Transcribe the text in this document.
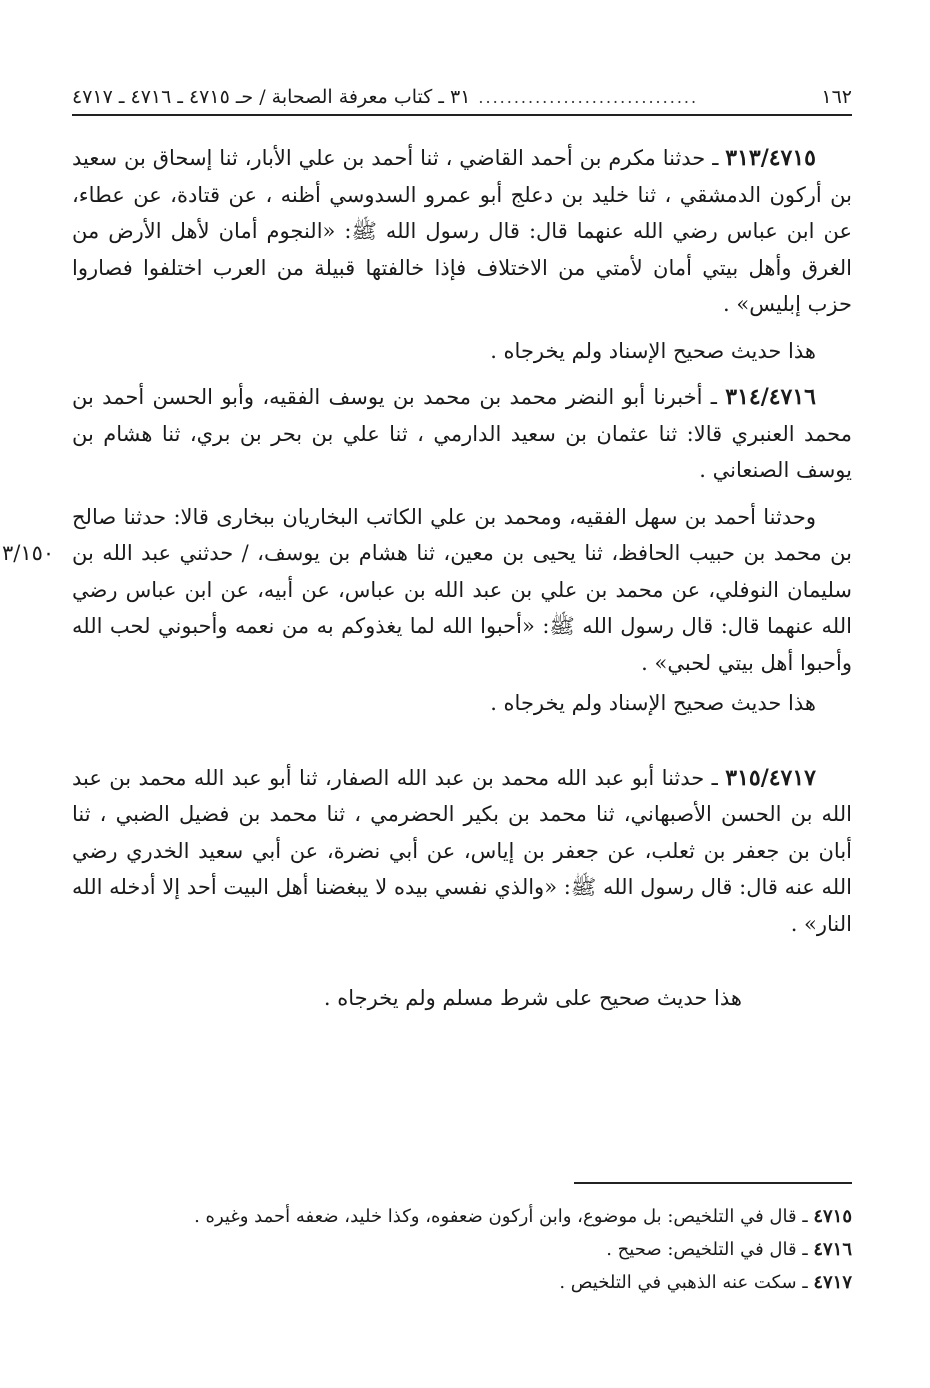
١٦٢
...............................
٣١ ـ كتاب معرفة الصحابة / حـ ٤٧١٥ ـ ٤٧١٦ ـ ٤٧١٧

٣١٣/٤٧١٥ ـ حدثنا مكرم بن أحمد القاضي ، ثنا أحمد بن علي الأبار، ثنا إسحاق بن سعيد بن أركون الدمشقي ، ثنا خليد بن دعلج أبو عمرو السدوسي أظنه ، عن قتادة، عن عطاء، عن ابن عباس رضي الله عنهما قال: قال رسول الله ﷺ: «النجوم أمان لأهل الأرض من الغرق وأهل بيتي أمان لأمتي من الاختلاف فإذا خالفتها قبيلة من العرب اختلفوا فصاروا حزب إبليس» .

هذا حديث صحيح الإسناد ولم يخرجاه .

٣١٤/٤٧١٦ ـ أخبرنا أبو النضر محمد بن محمد بن يوسف الفقيه، وأبو الحسن أحمد بن محمد العنبري قالا: ثنا عثمان بن سعيد الدارمي ، ثنا علي بن بحر بن بري، ثنا هشام بن يوسف الصنعاني .

٣/١٥٠

وحدثنا أحمد بن سهل الفقيه، ومحمد بن علي الكاتب البخاريان ببخارى قالا: حدثنا صالح بن محمد بن حبيب الحافظ، ثنا يحيى بن معين، ثنا هشام بن يوسف، / حدثني عبد الله بن سليمان النوفلي، عن محمد بن علي بن عبد الله بن عباس، عن أبيه، عن ابن عباس رضي الله عنهما قال: قال رسول الله ﷺ: «أحبوا الله لما يغذوكم به من نعمه وأحبوني لحب الله وأحبوا أهل بيتي لحبي» .

هذا حديث صحيح الإسناد ولم يخرجاه .

٣١٥/٤٧١٧ ـ حدثنا أبو عبد الله محمد بن عبد الله الصفار، ثنا أبو عبد الله محمد بن عبد الله بن الحسن الأصبهاني، ثنا محمد بن بكير الحضرمي ، ثنا محمد بن فضيل الضبي ، ثنا أبان بن جعفر بن ثعلب، عن جعفر بن إياس، عن أبي نضرة، عن أبي سعيد الخدري رضي الله عنه قال: قال رسول الله ﷺ: «والذي نفسي بيده لا يبغضنا أهل البيت أحد إلا أدخله الله النار» .

هذا حديث صحيح على شرط مسلم ولم يخرجاه .

٤٧١٥ ـ قال في التلخيص: بل موضوع، وابن أركون ضعفوه، وكذا خليد، ضعفه أحمد وغيره .
٤٧١٦ ـ قال في التلخيص: صحيح .
٤٧١٧ ـ سكت عنه الذهبي في التلخيص .
